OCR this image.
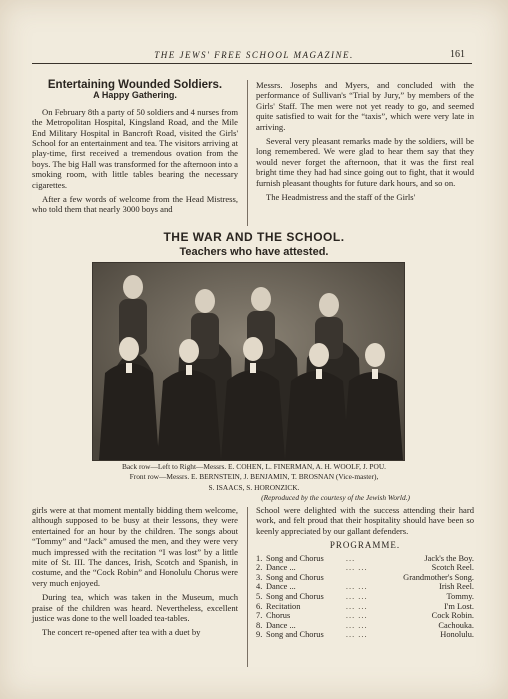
THE JEWS' FREE SCHOOL MAGAZINE.	161
Entertaining Wounded Soldiers.
A Happy Gathering.

On February 8th a party of 50 soldiers and 4 nurses from the Metropolitan Hospital, Kingsland Road, and the Mile End Military Hospital in Bancroft Road, visited the Girls' School for an entertainment and tea. The visitors arriving at play-time, first received a tremendous ovation from the boys. The big Hall was transformed for the afternoon into a smoking room, with little tables bearing the necessary cigarettes.

After a few words of welcome from the Head Mistress, who told them that nearly 3000 boys and

Messrs. Josephs and Myers, and concluded with the performance of Sullivan's “Trial by Jury,” by members of the Girls' Staff. The men were not yet ready to go, and seemed quite satisfied to wait for the “taxis”, which were very late in arriving.

Several very pleasant remarks made by the soldiers, will be long remembered. We were glad to hear them say that they would never forget the afternoon, that it was the first real bright time they had had since going out to fight, that it would furnish pleasant thoughts for future dark hours, and so on.

The Headmistress and the staff of the Girls'

THE WAR AND THE SCHOOL.
Teachers who have attested.
Back row—Left to Right—Messrs. E. COHEN, L. FINERMAN, A. H. WOOLF, J. POU.
Front row—Messrs. E. BERNSTEIN, J. BENJAMIN, T. BROSNAN (Vice-master),
S. ISAACS, S. HORONZICK.
(Reproduced by the courtesy of the Jewish World.)

girls were at that moment mentally bidding them welcome, although supposed to be busy at their lessons, they were entertained for an hour by the children. The songs about “Tommy” and “Jack” amused the men, and they were very much impressed with the recitation “I was lost” by a little mite of St. III. The dances, Irish, Scotch and Spanish, in costume, and the “Cock Robin” and Honolulu Chorus were very much enjoyed.

During tea, which was taken in the Museum, much praise of the children was heard. Nevertheless, excellent justice was done to the well loaded tea-tables.

The concert re-opened after tea with a duet by

School were delighted with the success attending their hard work, and felt proud that their hospitality should have been so keenly appreciated by our gallant defenders.

PROGRAMME.
1.	Song and Chorus	...	Jack's the Boy.
2.	Dance ...	... ...	Scotch Reel.
3.	Song and Chorus		Grandmother's Song.
4.	Dance ...	... ...	Irish Reel.
5.	Song and Chorus	... ...	Tommy.
6.	Recitation	... ...	I'm Lost.
7.	Chorus	... ...	Cock Robin.
8.	Dance ...	... ...	Cachouka.
9.	Song and Chorus	... ...	Honolulu.
